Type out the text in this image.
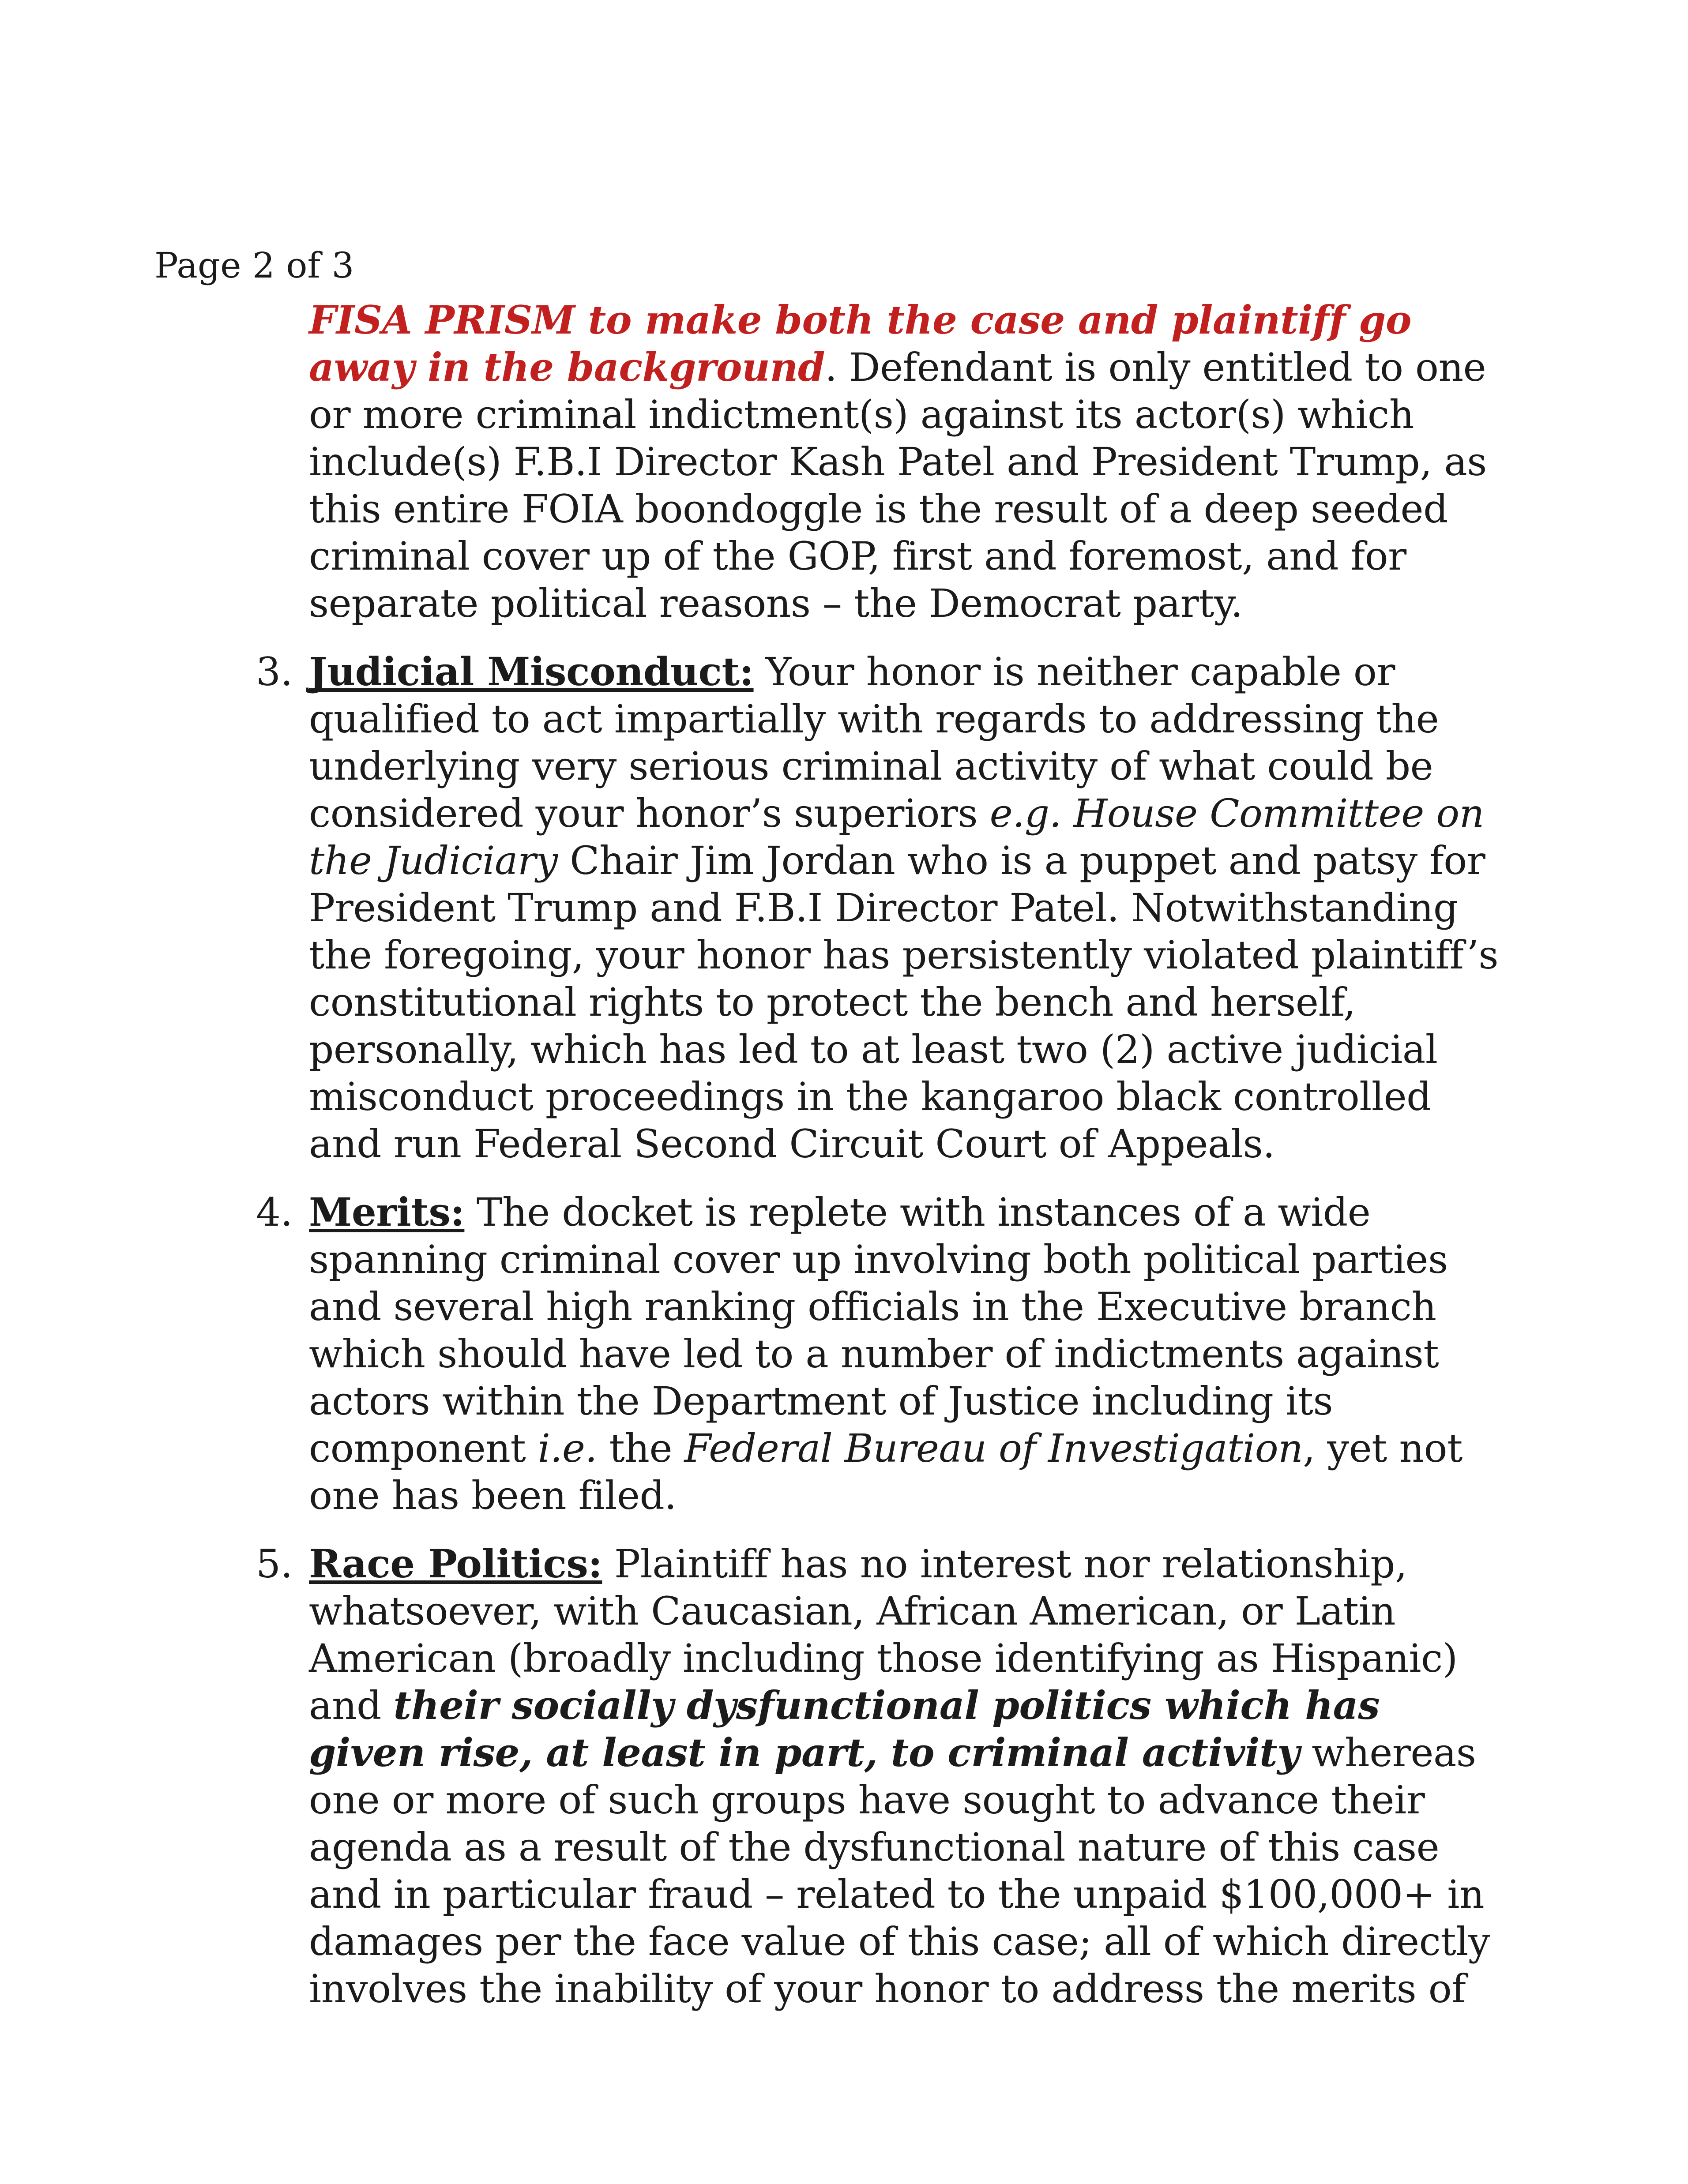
Page 2 of 3

FISA PRISM to make both the case and plaintiff go away in the background. Defendant is only entitled to one or more criminal indictment(s) against its actor(s) which include(s) F.B.I Director Kash Patel and President Trump, as this entire FOIA boondoggle is the result of a deep seeded criminal cover up of the GOP, first and foremost, and for separate political reasons – the Democrat party.

3. Judicial Misconduct: Your honor is neither capable or qualified to act impartially with regards to addressing the underlying very serious criminal activity of what could be considered your honor’s superiors e.g. House Committee on the Judiciary Chair Jim Jordan who is a puppet and patsy for President Trump and F.B.I Director Patel. Notwithstanding the foregoing, your honor has persistently violated plaintiff’s constitutional rights to protect the bench and herself, personally, which has led to at least two (2) active judicial misconduct proceedings in the kangaroo black controlled and run Federal Second Circuit Court of Appeals.

4. Merits: The docket is replete with instances of a wide spanning criminal cover up involving both political parties and several high ranking officials in the Executive branch which should have led to a number of indictments against actors within the Department of Justice including its component i.e. the Federal Bureau of Investigation, yet not one has been filed.

5. Race Politics: Plaintiff has no interest nor relationship, whatsoever, with Caucasian, African American, or Latin American (broadly including those identifying as Hispanic) and their socially dysfunctional politics which has given rise, at least in part, to criminal activity whereas one or more of such groups have sought to advance their agenda as a result of the dysfunctional nature of this case and in particular fraud – related to the unpaid $100,000+ in damages per the face value of this case; all of which directly involves the inability of your honor to address the merits of
